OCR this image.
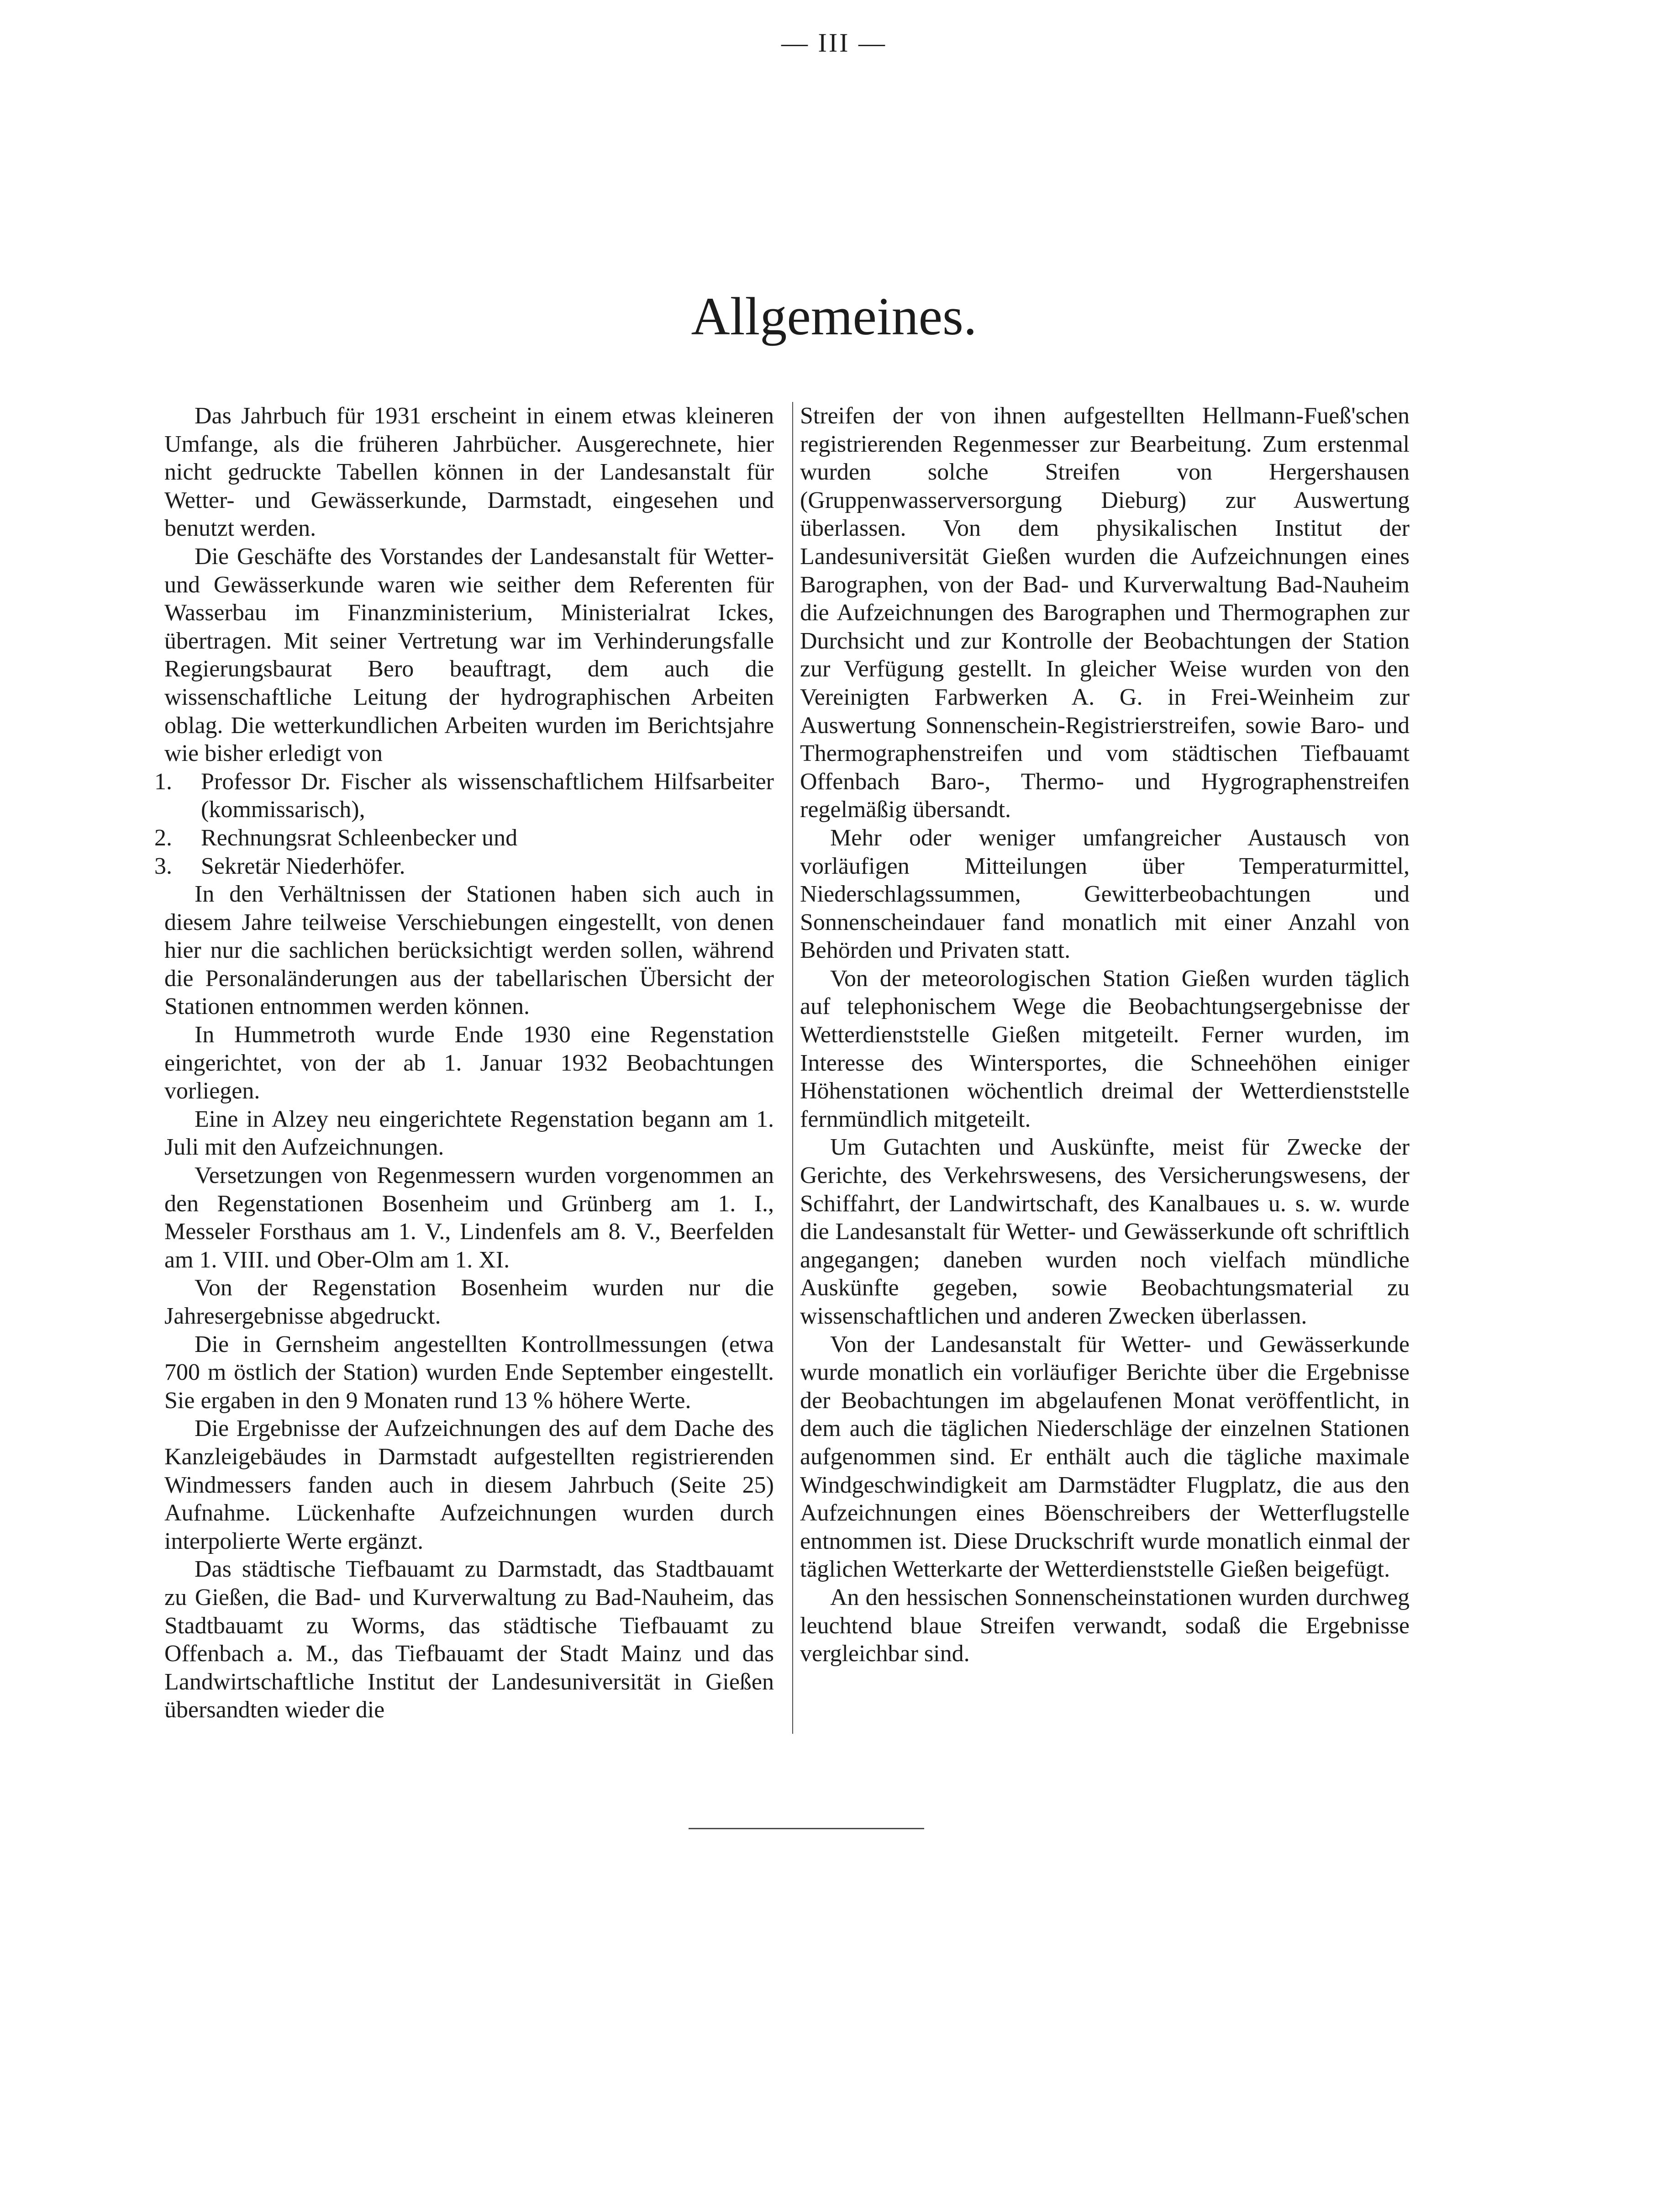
— III —
Allgemeines.

Das Jahrbuch für 1931 erscheint in einem etwas kleineren Umfange, als die früheren Jahrbücher. Ausgerechnete, hier nicht gedruckte Tabellen können in der Landesanstalt für Wetter- und Gewässerkunde, Darmstadt, eingesehen und benutzt werden.

Die Geschäfte des Vorstandes der Landesanstalt für Wetter- und Gewässerkunde waren wie seither dem Referenten für Wasserbau im Finanzministerium, Ministerialrat Ickes, übertragen. Mit seiner Vertretung war im Verhinderungsfalle Regierungsbaurat Bero beauftragt, dem auch die wissenschaftliche Leitung der hydrographischen Arbeiten oblag. Die wetterkundlichen Arbeiten wurden im Berichtsjahre wie bisher erledigt von

1.	Professor Dr. Fischer als wissenschaftlichem Hilfsarbeiter (kommissarisch),
2.	Rechnungsrat Schleenbecker und
3.	Sekretär Niederhöfer.

In den Verhältnissen der Stationen haben sich auch in diesem Jahre teilweise Verschiebungen eingestellt, von denen hier nur die sachlichen berücksichtigt werden sollen, während die Personaländerungen aus der tabellarischen Übersicht der Stationen entnommen werden können.

In Hummetroth wurde Ende 1930 eine Regenstation eingerichtet, von der ab 1. Januar 1932 Beobachtungen vorliegen.

Eine in Alzey neu eingerichtete Regenstation begann am 1. Juli mit den Aufzeichnungen.

Versetzungen von Regenmessern wurden vorgenommen an den Regenstationen Bosenheim und Grünberg am 1. I., Messeler Forsthaus am 1. V., Lindenfels am 8. V., Beerfelden am 1. VIII. und Ober-Olm am 1. XI.

Von der Regenstation Bosenheim wurden nur die Jahresergebnisse abgedruckt.

Die in Gernsheim angestellten Kontrollmessungen (etwa 700 m östlich der Station) wurden Ende September eingestellt. Sie ergaben in den 9 Monaten rund 13 % höhere Werte.

Die Ergebnisse der Aufzeichnungen des auf dem Dache des Kanzleigebäudes in Darmstadt aufgestellten registrierenden Windmessers fanden auch in diesem Jahrbuch (Seite 25) Aufnahme. Lückenhafte Aufzeichnungen wurden durch interpolierte Werte ergänzt.

Das städtische Tiefbauamt zu Darmstadt, das Stadtbauamt zu Gießen, die Bad- und Kurverwaltung zu Bad-Nauheim, das Stadtbauamt zu Worms, das städtische Tiefbauamt zu Offenbach a. M., das Tiefbauamt der Stadt Mainz und das Landwirtschaftliche Institut der Landesuniversität in Gießen übersandten wieder die

Streifen der von ihnen aufgestellten Hellmann-Fueß'schen registrierenden Regenmesser zur Bearbeitung. Zum erstenmal wurden solche Streifen von Hergershausen (Gruppenwasserversorgung Dieburg) zur Auswertung überlassen. Von dem physikalischen Institut der Landesuniversität Gießen wurden die Aufzeichnungen eines Barographen, von der Bad- und Kurverwaltung Bad-Nauheim die Aufzeichnungen des Barographen und Thermographen zur Durchsicht und zur Kontrolle der Beobachtungen der Station zur Verfügung gestellt. In gleicher Weise wurden von den Vereinigten Farbwerken A. G. in Frei-Weinheim zur Auswertung Sonnenschein-Registrierstreifen, sowie Baro- und Thermographenstreifen und vom städtischen Tiefbauamt Offenbach Baro-, Thermo- und Hygrographenstreifen regelmäßig übersandt.

Mehr oder weniger umfangreicher Austausch von vorläufigen Mitteilungen über Temperaturmittel, Niederschlagssummen, Gewitterbeobachtungen und Sonnenscheindauer fand monatlich mit einer Anzahl von Behörden und Privaten statt.

Von der meteorologischen Station Gießen wurden täglich auf telephonischem Wege die Beobachtungsergebnisse der Wetterdienststelle Gießen mitgeteilt. Ferner wurden, im Interesse des Wintersportes, die Schneehöhen einiger Höhenstationen wöchentlich dreimal der Wetterdienststelle fernmündlich mitgeteilt.

Um Gutachten und Auskünfte, meist für Zwecke der Gerichte, des Verkehrswesens, des Versicherungswesens, der Schiffahrt, der Landwirtschaft, des Kanalbaues u. s. w. wurde die Landesanstalt für Wetter- und Gewässerkunde oft schriftlich angegangen; daneben wurden noch vielfach mündliche Auskünfte gegeben, sowie Beobachtungsmaterial zu wissenschaftlichen und anderen Zwecken überlassen.

Von der Landesanstalt für Wetter- und Gewässerkunde wurde monatlich ein vorläufiger Berichte über die Ergebnisse der Beobachtungen im abgelaufenen Monat veröffentlicht, in dem auch die täglichen Niederschläge der einzelnen Stationen aufgenommen sind. Er enthält auch die tägliche maximale Windgeschwindigkeit am Darmstädter Flugplatz, die aus den Aufzeichnungen eines Böenschreibers der Wetterflugstelle entnommen ist. Diese Druckschrift wurde monatlich einmal der täglichen Wetterkarte der Wetterdienststelle Gießen beigefügt.

An den hessischen Sonnenscheinstationen wurden durchweg leuchtend blaue Streifen verwandt, sodaß die Ergebnisse vergleichbar sind.
